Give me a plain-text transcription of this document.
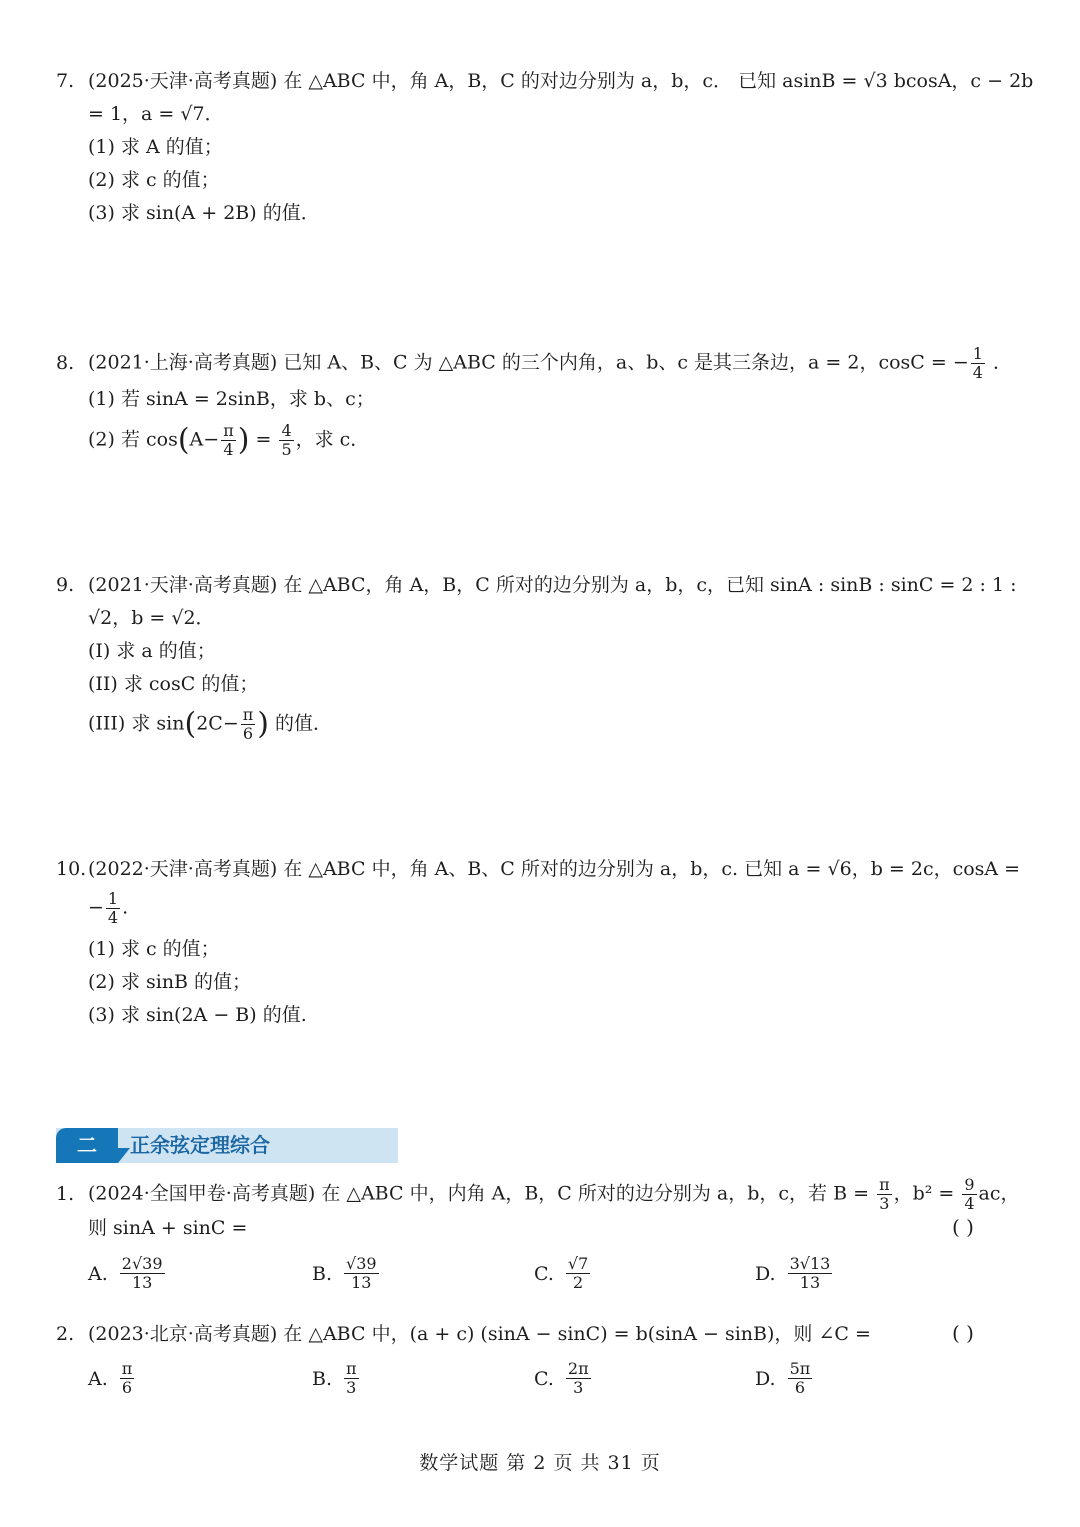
7. (2025·天津·高考真题) 在 △ABC 中，角 A，B，C 的对边分别为 a，b，c． 已知 asinB = √3 bcosA，c − 2b
= 1，a = √7．
(1) 求 A 的值；
(2) 求 c 的值；
(3) 求 sin(A + 2B) 的值．
8. (2021·上海·高考真题) 已知 A、B、C 为 △ABC 的三个内角，a、b、c 是其三条边，a = 2，cosC = − $\frac{1}{4}$ ．
(1) 若 sinA = 2sinB，求 b、c；
(2) 若 $\cos(A- \frac{\pi}{4}$ ) = $\frac{4}{5}$ ，求 c．
9. (2021·天津·高考真题) 在 △ABC，角 A，B，C 所对的边分别为 a，b，c，已知 sinA : sinB : sinC = 2 : 1 :
√2，b = √2．
(I) 求 a 的值；
(II) 求 cosC 的值；
(III) 求 $\sin(2C- \frac{\pi}{6}$ ) 的值．
10.(2022·天津·高考真题) 在 △ABC 中，角 A、B、C 所对的边分别为 a，b，c. 已知 a = √6，b = 2c，cosA =
− $\frac{1}{4}$ .
(1) 求 c 的值；
(2) 求 sinB 的值；
(3) 求 sin(2A − B) 的值.
二	正余弦定理综合
1. (2024·全国甲卷·高考真题) 在 △ABC 中，内角 A，B，C 所对的边分别为 a，b，c，若 $B = \frac{\pi}{3}$ ，$b^2 = \frac{9}{4}$ ac，
则 sinA + sinC =	( )
A. $\frac{2√39}{13}$	B. $\frac{√39}{13}$	C. $\frac{√7}{2}$	D. $\frac{3√13}{13}$
2. (2023·北京·高考真题) 在 △ABC 中，(a + c) (sinA − sinC) = b(sinA − sinB)，则 ∠C =	( )
A. $\frac{\pi}{6}$	B. $\frac{\pi}{3}$	C. $\frac{2\pi}{3}$	D. $\frac{5\pi}{6}$
数学试题 第 2 页 共 31 页
